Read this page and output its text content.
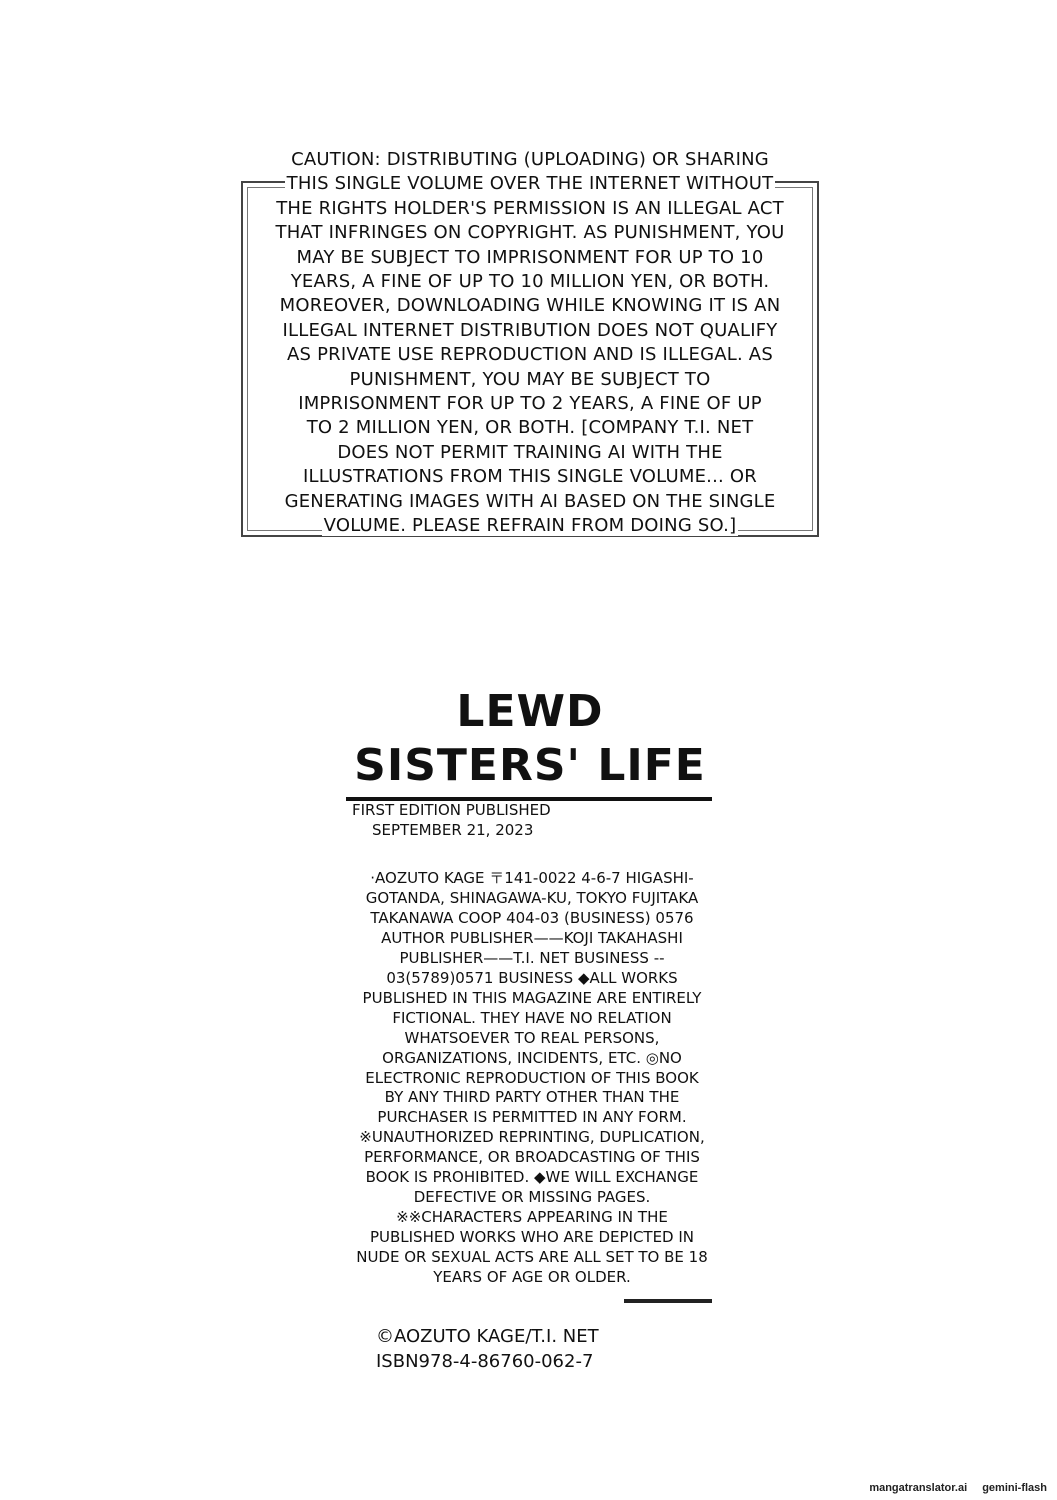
CAUTION: DISTRIBUTING (UPLOADING) OR SHARING
THIS SINGLE VOLUME OVER THE INTERNET WITHOUT
THE RIGHTS HOLDER'S PERMISSION IS AN ILLEGAL ACT
THAT INFRINGES ON COPYRIGHT. AS PUNISHMENT, YOU
MAY BE SUBJECT TO IMPRISONMENT FOR UP TO 10
YEARS, A FINE OF UP TO 10 MILLION YEN, OR BOTH.
MOREOVER, DOWNLOADING WHILE KNOWING IT IS AN
ILLEGAL INTERNET DISTRIBUTION DOES NOT QUALIFY
AS PRIVATE USE REPRODUCTION AND IS ILLEGAL. AS
PUNISHMENT, YOU MAY BE SUBJECT TO
IMPRISONMENT FOR UP TO 2 YEARS, A FINE OF UP
TO 2 MILLION YEN, OR BOTH. [COMPANY T.I. NET
DOES NOT PERMIT TRAINING AI WITH THE
ILLUSTRATIONS FROM THIS SINGLE VOLUME... OR
GENERATING IMAGES WITH AI BASED ON THE SINGLE
VOLUME. PLEASE REFRAIN FROM DOING SO.]

LEWD
SISTERS' LIFE

FIRST EDITION PUBLISHED
SEPTEMBER 21, 2023

·AOZUTO KAGE 〒141-0022 4-6-7 HIGASHI-
GOTANDA, SHINAGAWA-KU, TOKYO FUJITAKA
TAKANAWA COOP 404-03 (BUSINESS) 0576
AUTHOR PUBLISHER——KOJI TAKAHASHI
PUBLISHER——T.I. NET BUSINESS --
03(5789)0571 BUSINESS ◆ALL WORKS
PUBLISHED IN THIS MAGAZINE ARE ENTIRELY
FICTIONAL. THEY HAVE NO RELATION
WHATSOEVER TO REAL PERSONS,
ORGANIZATIONS, INCIDENTS, ETC. ◎NO
ELECTRONIC REPRODUCTION OF THIS BOOK
BY ANY THIRD PARTY OTHER THAN THE
PURCHASER IS PERMITTED IN ANY FORM.
※UNAUTHORIZED REPRINTING, DUPLICATION,
PERFORMANCE, OR BROADCASTING OF THIS
BOOK IS PROHIBITED. ◆WE WILL EXCHANGE
DEFECTIVE OR MISSING PAGES.
※※CHARACTERS APPEARING IN THE
PUBLISHED WORKS WHO ARE DEPICTED IN
NUDE OR SEXUAL ACTS ARE ALL SET TO BE 18
YEARS OF AGE OR OLDER.

©AOZUTO KAGE/T.I. NET
ISBN978-4-86760-062-7

mangatranslator.ai gemini-flash
